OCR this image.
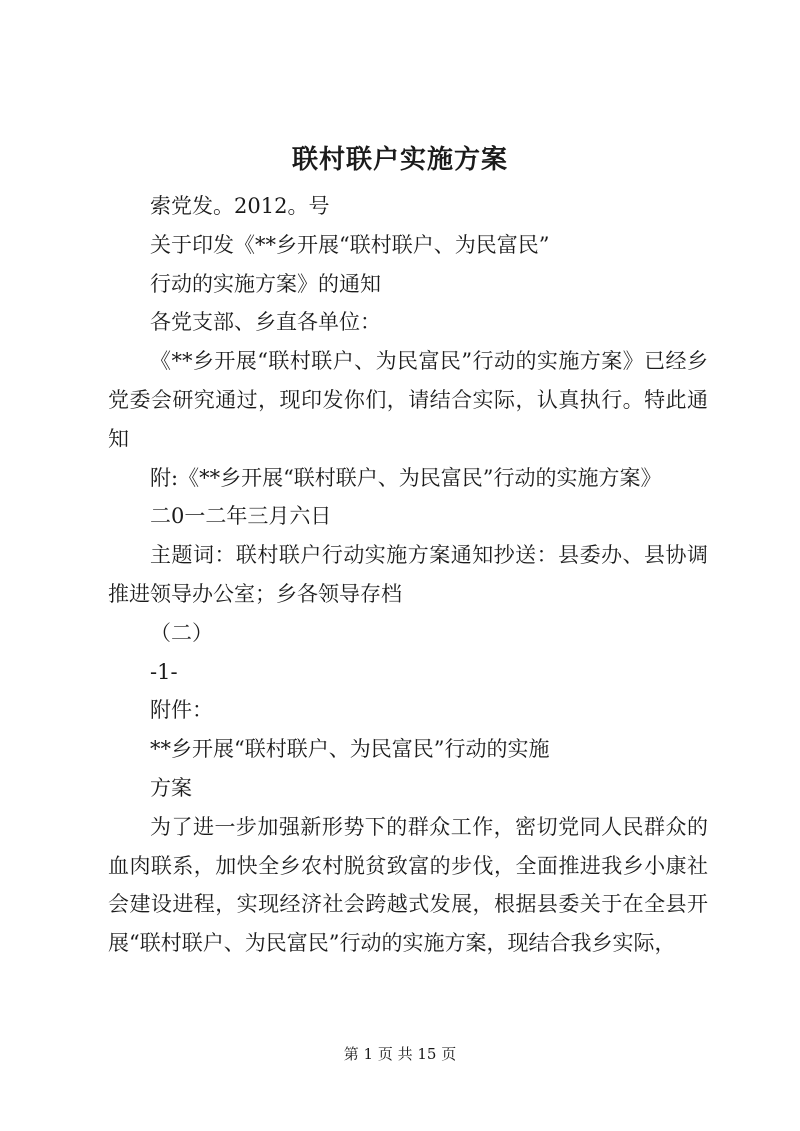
联村联户实施方案

索党发。2012。号

关于印发《**乡开展“联村联户、为民富民”

行动的实施方案》的通知

各党支部、乡直各单位：

《**乡开展“联村联户、为民富民”行动的实施方案》已经乡党委会研究通过，现印发你们，请结合实际，认真执行。特此通知

附:《**乡开展“联村联户、为民富民”行动的实施方案》

二0一二年三月六日

主题词：联村联户行动实施方案通知抄送：县委办、县协调推进领导办公室；乡各领导存档

（二）

-1-

附件：

**乡开展“联村联户、为民富民”行动的实施

方案

为了进一步加强新形势下的群众工作，密切党同人民群众的血肉联系，加快全乡农村脱贫致富的步伐，全面推进我乡小康社会建设进程，实现经济社会跨越式发展，根据县委关于在全县开展“联村联户、为民富民”行动的实施方案，现结合我乡实际，

第 1 页 共 15 页
